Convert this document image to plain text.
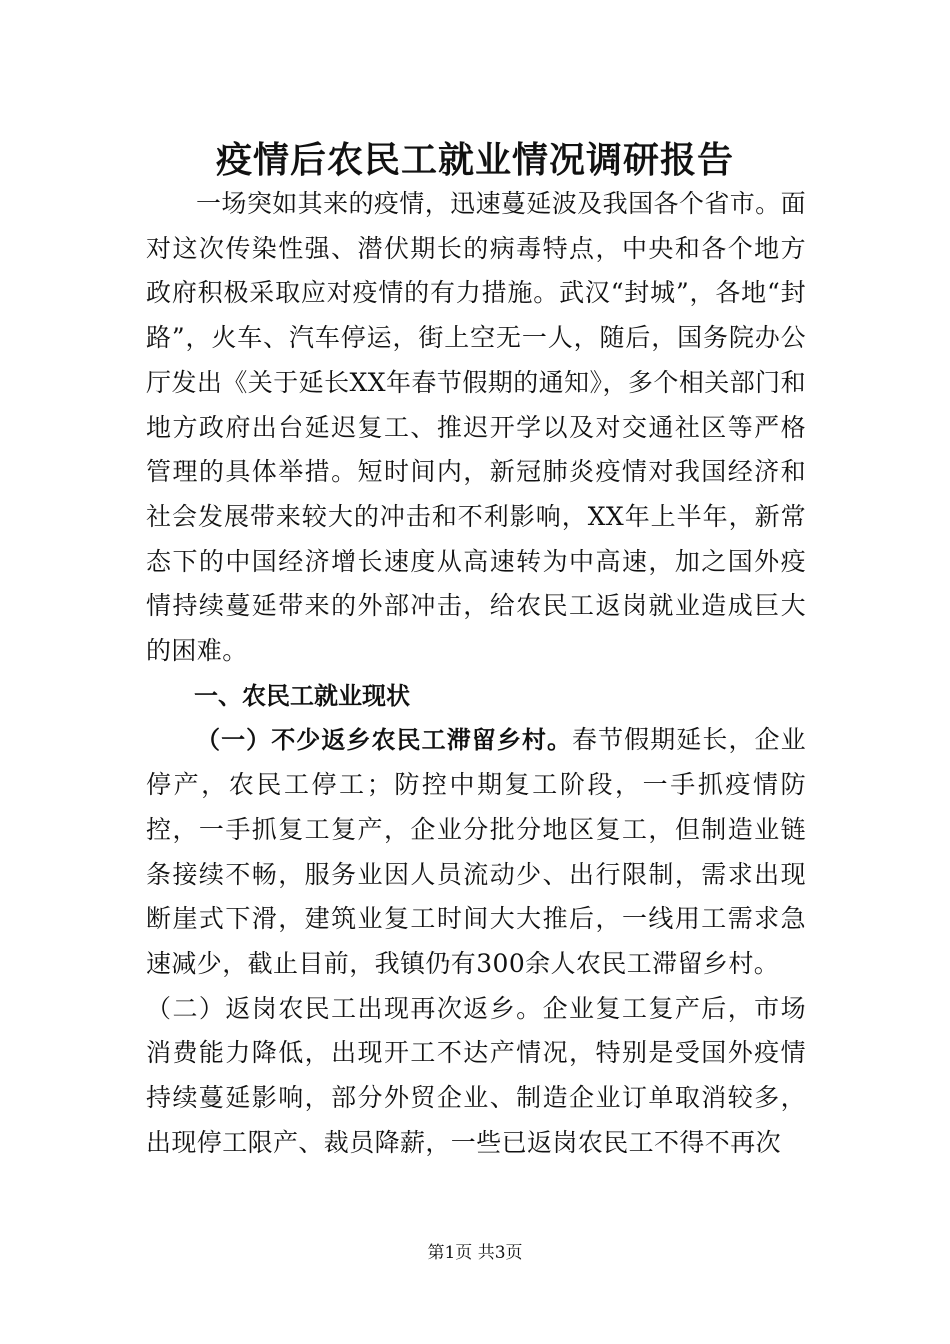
疫情后农民工就业情况调研报告

一场突如其来的疫情，迅速蔓延波及我国各个省市。面对这次传染性强、潜伏期长的病毒特点，中央和各个地方政府积极采取应对疫情的有力措施。武汉“封城”，各地“封路”，火车、汽车停运，街上空无一人，随后，国务院办公厅发出《关于延长XX年春节假期的通知》，多个相关部门和地方政府出台延迟复工、推迟开学以及对交通社区等严格管理的具体举措。短时间内，新冠肺炎疫情对我国经济和社会发展带来较大的冲击和不利影响，XX年上半年，新常态下的中国经济增长速度从高速转为中高速，加之国外疫情持续蔓延带来的外部冲击，给农民工返岗就业造成巨大的困难。

一、农民工就业现状

（一）不少返乡农民工滞留乡村。春节假期延长，企业停产，农民工停工；防控中期复工阶段，一手抓疫情防控，一手抓复工复产，企业分批分地区复工，但制造业链条接续不畅，服务业因人员流动少、出行限制，需求出现断崖式下滑，建筑业复工时间大大推后，一线用工需求急速减少，截止目前，我镇仍有300余人农民工滞留乡村。

（二）返岗农民工出现再次返乡。企业复工复产后，市场消费能力降低，出现开工不达产情况，特别是受国外疫情持续蔓延影响，部分外贸企业、制造企业订单取消较多，出现停工限产、裁员降薪，一些已返岗农民工不得不再次

第1页 共3页
